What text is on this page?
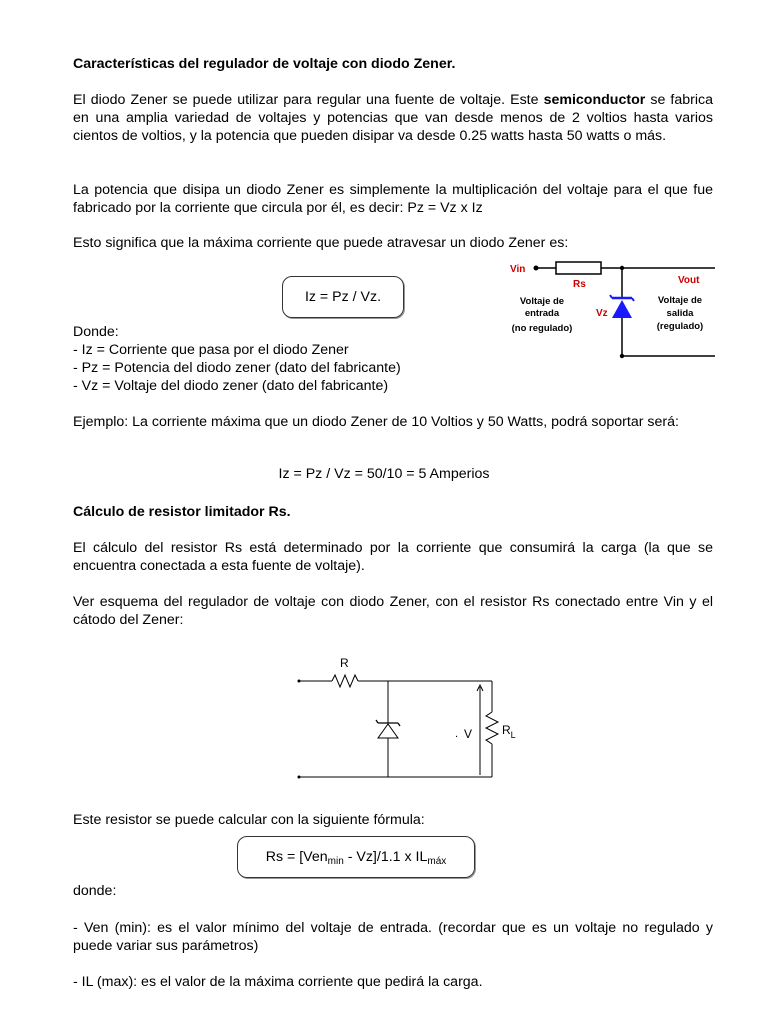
Características del regulador de voltaje con diodo Zener.

El diodo Zener se puede utilizar para regular una fuente de voltaje. Este semiconductor se fabrica en una amplia variedad de voltajes y potencias que van desde menos de 2 voltios hasta varios cientos de voltios, y la potencia que pueden disipar va desde 0.25 watts hasta 50 watts o más.

La potencia que disipa un diodo Zener es simplemente la multiplicación del voltaje para el que fue fabricado por la corriente que circula por él, es decir: Pz = Vz x Iz

Esto significa que la máxima corriente que puede atravesar un diodo Zener es:

Iz = Pz / Vz.
Donde:
- Iz = Corriente que pasa por el diodo Zener
- Pz = Potencia del diodo zener (dato del fabricante)
- Vz = Voltaje del diodo zener (dato del fabricante)
Vin
Rs	Vout
Vz
Voltaje de
entrada
(no regulado)
Voltaje de
salida
(regulado)

Ejemplo: La corriente máxima que un diodo Zener de 10 Voltios y 50 Watts, podrá soportar será:

Iz = Pz / Vz = 50/10 = 5 Amperios

Cálculo de resistor limitador Rs.

El cálculo del resistor Rs está determinado por la corriente que consumirá la carga (la que se encuentra conectada a esta fuente de voltaje).

Ver esquema del regulador de voltaje con diodo Zener, con el resistor Rs conectado entre Vin y el cátodo del Zener:

R
. V $R_L$

Este resistor se puede calcular con la siguiente fórmula:

Rs = [Ven$_{min}$ - Vz]/1.1 x $IL_{máx}$

donde:

- Ven (min): es el valor mínimo del voltaje de entrada. (recordar que es un voltaje no regulado y puede variar sus parámetros)

- IL (max): es el valor de la máxima corriente que pedirá la carga.
